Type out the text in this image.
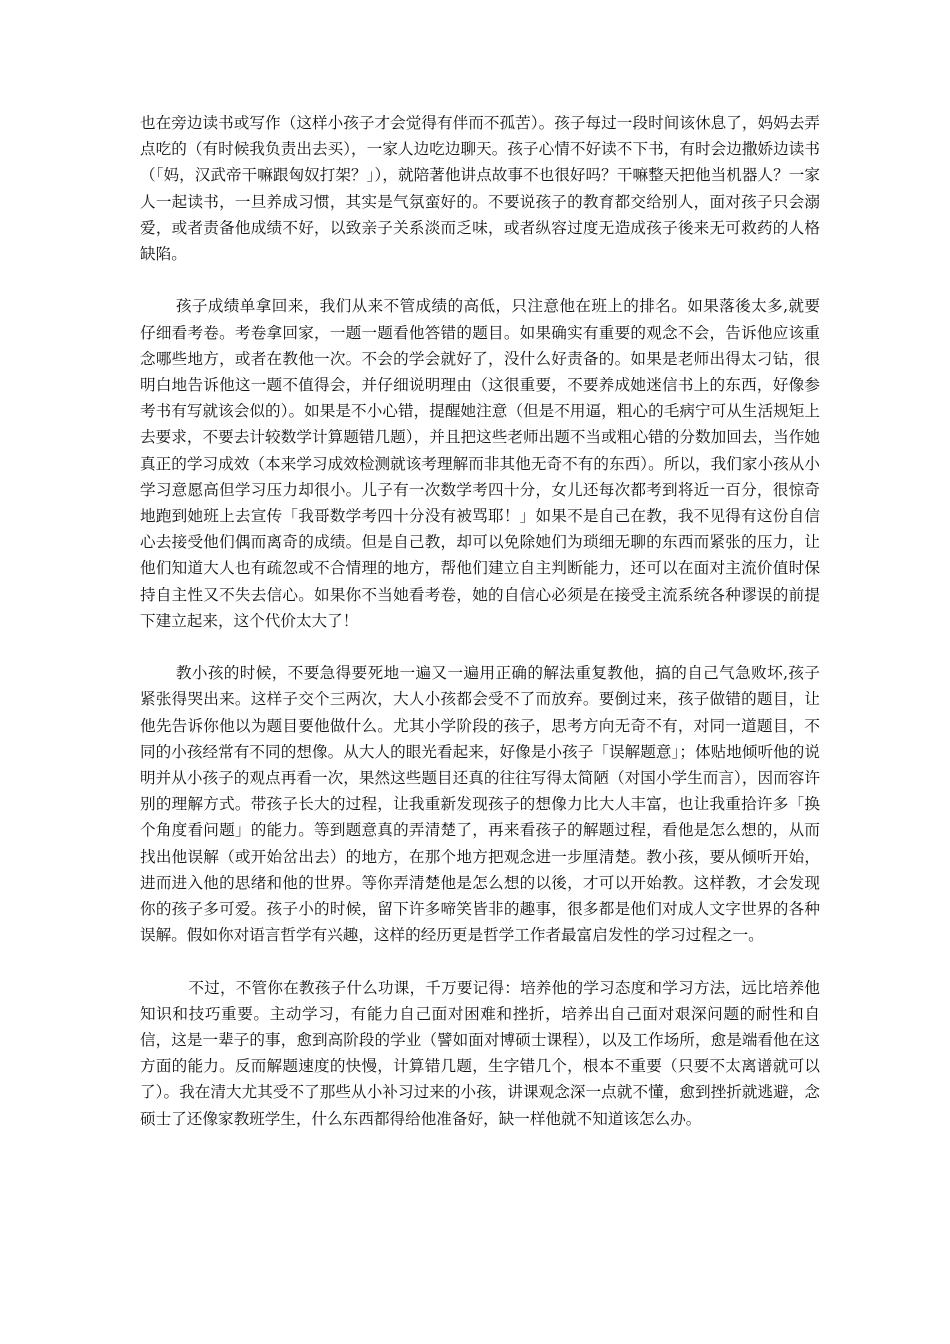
也在旁边读书或写作（这样小孩子才会觉得有伴而不孤苦）。孩子每过一段时间该休息了，妈妈去弄点吃的（有时候我负责出去买），一家人边吃边聊天。孩子心情不好读不下书，有时会边撒娇边读书（「妈，汉武帝干嘛跟匈奴打架？」），就陪著他讲点故事不也很好吗？干嘛整天把他当机器人？一家人一起读书，一旦养成习惯，其实是气氛蛮好的。不要说孩子的教育都交给别人，面对孩子只会溺爱，或者责备他成绩不好，以致亲子关系淡而乏味，或者纵容过度无造成孩子後来无可救药的人格缺陷。

孩子成绩单拿回来，我们从来不管成绩的高低，只注意他在班上的排名。如果落後太多,就要仔细看考卷。考卷拿回家，一题一题看他答错的题目。如果确实有重要的观念不会，告诉他应该重念哪些地方，或者在教他一次。不会的学会就好了，没什么好责备的。如果是老师出得太刁钻，很明白地告诉他这一题不值得会，并仔细说明理由（这很重要，不要养成她迷信书上的东西，好像参考书有写就该会似的）。如果是不小心错，提醒她注意（但是不用逼，粗心的毛病宁可从生活规矩上去要求，不要去计较数学计算题错几题），并且把这些老师出题不当或粗心错的分数加回去，当作她真正的学习成效（本来学习成效检测就该考理解而非其他无奇不有的东西）。所以，我们家小孩从小学习意愿高但学习压力却很小。儿子有一次数学考四十分，女儿还每次都考到将近一百分，很惊奇地跑到她班上去宣传「我哥数学考四十分没有被骂耶！」如果不是自己在教，我不见得有这份自信心去接受他们偶而离奇的成绩。但是自己教，却可以免除她们为琐细无聊的东西而紧张的压力，让他们知道大人也有疏忽或不合情理的地方，帮他们建立自主判断能力，还可以在面对主流价值时保持自主性又不失去信心。如果你不当她看考卷，她的自信心必须是在接受主流系统各种谬误的前提下建立起来，这个代价太大了！

教小孩的时候，不要急得要死地一遍又一遍用正确的解法重复教他，搞的自己气急败坏,孩子紧张得哭出来。这样子交个三两次，大人小孩都会受不了而放弃。要倒过来，孩子做错的题目，让他先告诉你他以为题目要他做什么。尤其小学阶段的孩子，思考方向无奇不有，对同一道题目，不同的小孩经常有不同的想像。从大人的眼光看起来，好像是小孩子「误解题意」；体贴地倾听他的说明并从小孩子的观点再看一次，果然这些题目还真的往往写得太简陋（对国小学生而言），因而容许别的理解方式。带孩子长大的过程，让我重新发现孩子的想像力比大人丰富，也让我重拾许多「换个角度看问题」的能力。等到题意真的弄清楚了，再来看孩子的解题过程，看他是怎么想的，从而找出他误解（或开始岔出去）的地方，在那个地方把观念进一步厘清楚。教小孩，要从倾听开始，进而进入他的思绪和他的世界。等你弄清楚他是怎么想的以後，才可以开始教。这样教，才会发现你的孩子多可爱。孩子小的时候，留下许多啼笑皆非的趣事，很多都是他们对成人文字世界的各种误解。假如你对语言哲学有兴趣，这样的经历更是哲学工作者最富启发性的学习过程之一。

不过，不管你在教孩子什么功课，千万要记得：培养他的学习态度和学习方法，远比培养他知识和技巧重要。主动学习，有能力自己面对困难和挫折，培养出自己面对艰深问题的耐性和自信，这是一辈子的事，愈到高阶段的学业（譬如面对博硕士课程），以及工作场所，愈是端看他在这方面的能力。反而解题速度的快慢，计算错几题，生字错几个，根本不重要（只要不太离谱就可以了）。我在清大尤其受不了那些从小补习过来的小孩，讲课观念深一点就不懂，愈到挫折就逃避，念硕士了还像家教班学生，什么东西都得给他准备好，缺一样他就不知道该怎么办。
